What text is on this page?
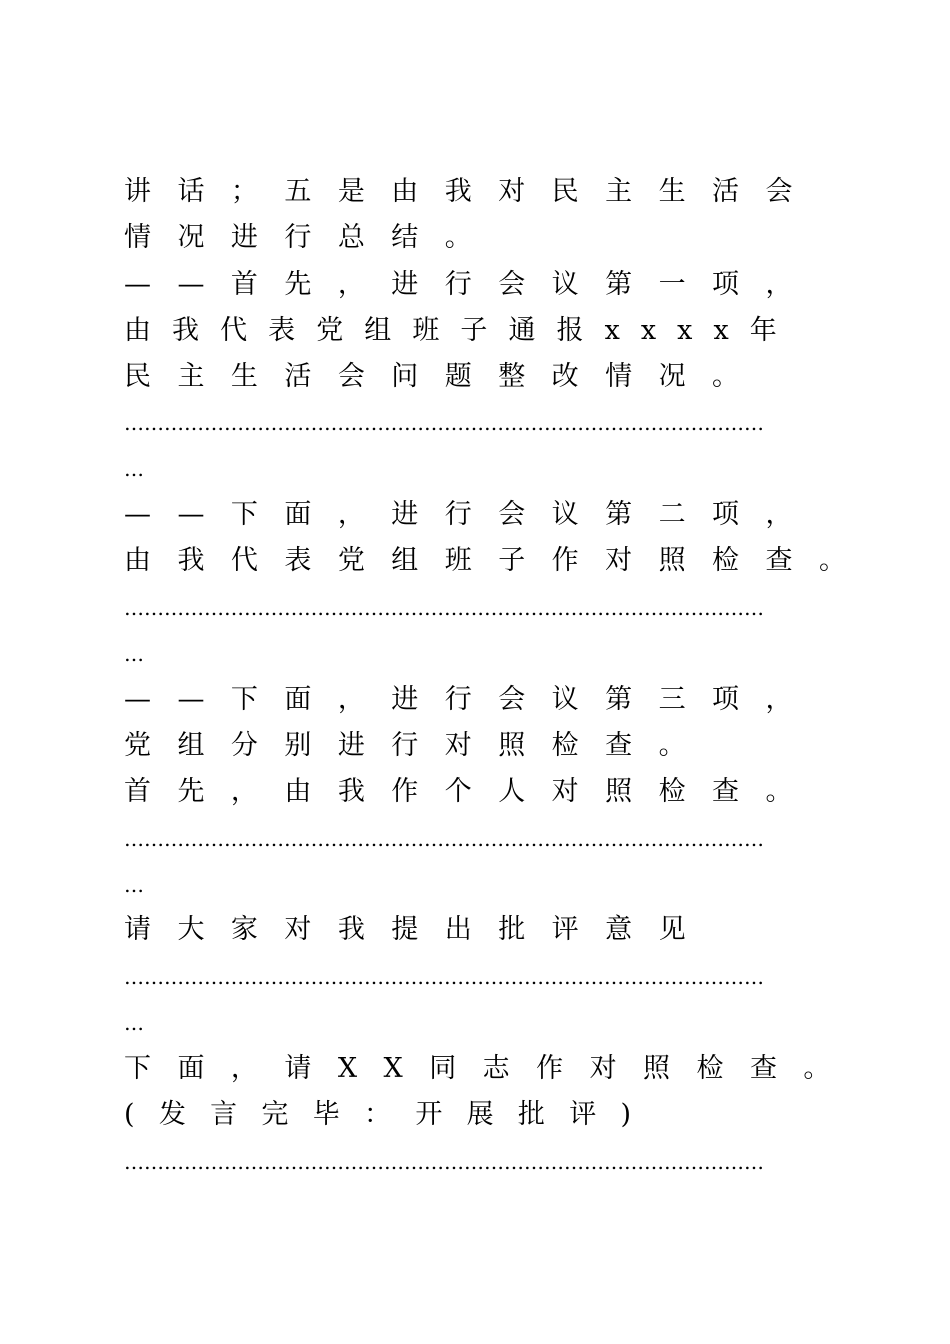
讲话；五是由我对民主生活会
情况进行总结。
——首先，进行会议第一项，
由我代表党组班子通报xxxx年
民主生活会问题整改情况。
……………………………………………………………………………………
…
——下面，进行会议第二项，
由我代表党组班子作对照检查。
……………………………………………………………………………………
…
——下面，进行会议第三项，
党组分别进行对照检查。
首先，由我作个人对照检查。
……………………………………………………………………………………
…
请大家对我提出批评意见
……………………………………………………………………………………
…
下面，请XX同志作对照检查。
(发言完毕：开展批评)
……………………………………………………………………………………
